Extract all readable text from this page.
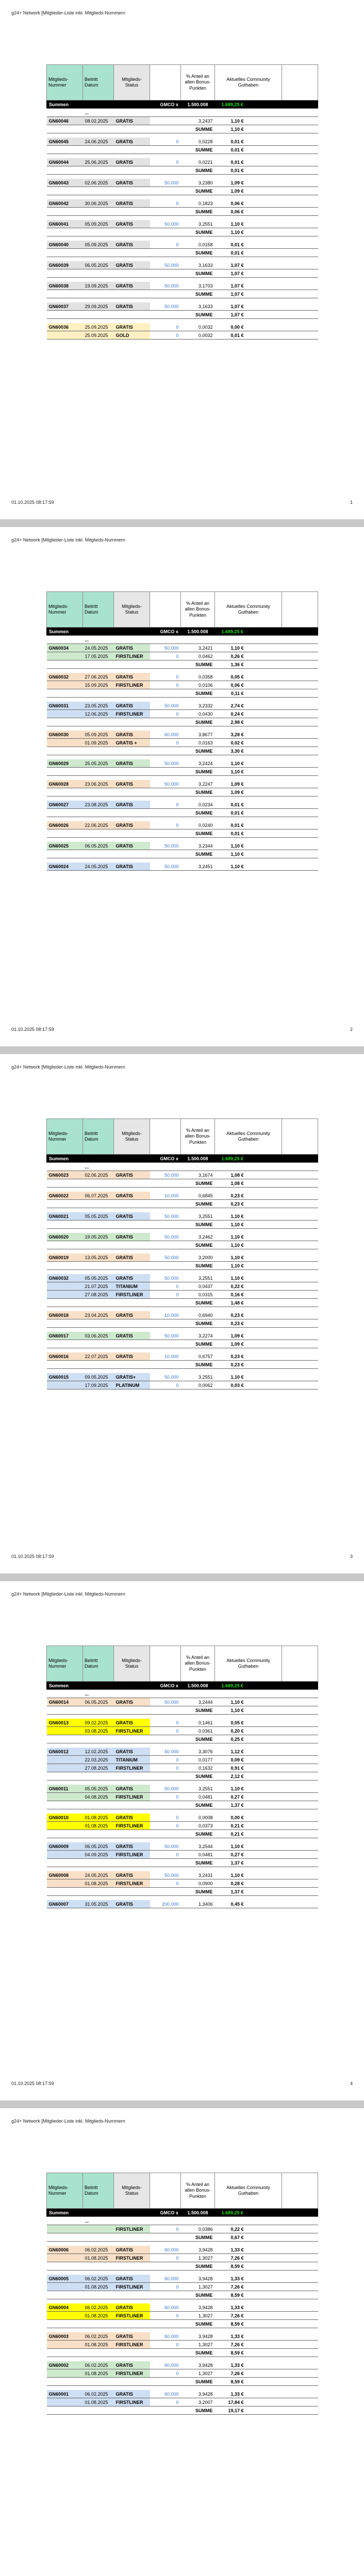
g24+ Network [Mitglieder-Liste inkl. Mitglieds-Nummern
01.10.2025 08:17:59	1
Mitglieds-Nummer	Beitritt Datum	Mitglieds-Status		% Anteil an allen Bonus-Punkten	Aktuelles Community Guthaben		
Summen			GMCO x	1.500.008	1.689,25 €		
	...						
GN60046	08.02.2025	GRATIS		3,2437	1,10 €		
				SUMME	1,10 €		

GN60045	24.06.2025	GRATIS	0	0,0228	0,01 €		
				SUMME	0,01 €		

GN60044	25.06.2025	GRATIS	0	0,0221	0,01 €		
				SUMME	0,01 €		

GN60043	02.06.2025	GRATIS	50.000	3,2380	1,09 €		
				SUMME	1,09 €		

GN60042	30.06.2025	GRATIS	0	0,1823	0,06 €		
				SUMME	0,06 €		

GN60041	05.09.2025	GRATIS	50.000	3,2551	1,10 €		
				SUMME	1,10 €		

GN60040	05.09.2025	GRATIS	0	0,0158	0,01 €		
				SUMME	0,01 €		

GN60039	06.05.2025	GRATIS	50.000	3,1633	1,07 €		
				SUMME	1,07 €		

GN60038	19.09.2025	GRATIS	50.000	3,1703	1,07 €		
				SUMME	1,07 €		

GN60037	29.09.2025	GRATIS	50.000	3,1633	1,07 €		
				SUMME	1,07 €		

GN60036	25.09.2025	GRATIS	0	0,0032	0,00 €		
	25.09.2025	GOLD	0	0,0032	0,01 €		

g24+ Network [Mitglieder-Liste inkl. Mitglieds-Nummern
01.10.2025 08:17:59	2
Mitglieds-Nummer	Beitritt Datum	Mitglieds-Status		% Anteil an allen Bonus-Punkten	Aktuelles Community Guthaben		
Summen			GMCO x	1.500.008	1.689,25 €		
	...						
GN60034	24.05.2025	GRATIS	50.000	3,2421	1,10 €		
	17.05.2025	FIRSTLINER	0	0,0462	0,26 €		
				SUMME	1,36 €		

GN60032	27.06.2025	GRATIS	0	0,0358	0,05 €		
	15.09.2025	FIRSTLINER	0	0,0106	0,06 €		
				SUMME	0,11 €		

GN60031	23.05.2025	GRATIS	50.000	3,2332	2,74 €		
	12.06.2025	FIRSTLINER	0	0,0430	0,24 €		
				SUMME	2,98 €		

GN60030	05.09.2025	GRATIS	60.000	3,8677	3,28 €		
	01.09.2025	GRATIS +	0	0,0163	0,02 €		
				SUMME	3,30 €		

GN60029	25.05.2025	GRATIS	50.000	3,2424	1,10 €		
				SUMME	1,10 €		

GN60028	23.06.2025	GRATIS	50.000	3,2247	1,09 €		
				SUMME	1,09 €		

GN60027	23.08.2025	GRATIS	0	0,0234	0,01 €		
				SUMME	0,01 €		

GN60026	22.06.2025	GRATIS	0	0,0240	0,01 €		
				SUMME	0,01 €		

GN60025	06.05.2025	GRATIS	50.000	3,2344	1,10 €		
				SUMME	1,10 €		

GN60024	24.05.2025	GRATIS	50.000	3,2451	1,10 €		

g24+ Network [Mitglieder-Liste inkl. Mitglieds-Nummern
01.10.2025 08:17:59	3
Mitglieds-Nummer	Beitritt Datum	Mitglieds-Status		% Anteil an allen Bonus-Punkten	Aktuelles Community Guthaben		
Summen			GMCO x	1.500.008	1.689,25 €		
	...						
GN60023	02.06.2025	GRATIS	50.000	3,1674	1,08 €		
				SUMME	1,08 €		

GN60022	06.07.2025	GRATIS	10.000	0,6845	0,23 €		
				SUMME	0,23 €		

GN60021	05.05.2025	GRATIS	50.000	3,2551	1,10 €		
				SUMME	1,10 €		

GN60020	19.05.2025	GRATIS	50.000	3,2462	1,10 €		
				SUMME	1,10 €		

GN60019	13.05.2025	GRATIS	50.000	3,2000	1,10 €		
				SUMME	1,10 €		

GN60032	05.05.2025	GRATIS	50.000	3,2551	1,10 €		
	21.07.2025	TITANIUM	0	0,0437	0,22 €		
	27.08.2025	FIRSTLINER	0	0,0315	0,16 €		
				SUMME	1,48 €		

GN60018	23.04.2025	GRATIS	10.000	0,6940	0,23 €		
				SUMME	0,23 €		

GN60017	03.06.2025	GRATIS	50.000	3,2274	1,09 €		
				SUMME	1,09 €		

GN60016	22.07.2025	GRATIS	10.000	0,6757	0,23 €		
				SUMME	0,23 €		

GN60015	09.05.2025	GRATIS+	50.000	3,2551	1,10 €		
	17.09.2025	PLATINUM	0	0,0062	0,03 €		

g24+ Network [Mitglieder-Liste inkl. Mitglieds-Nummern
01.10.2025 08:17:59	4
Mitglieds-Nummer	Beitritt Datum	Mitglieds-Status		% Anteil an allen Bonus-Punkten	Aktuelles Community Guthaben		
Summen			GMCO x	1.500.008	1.689,25 €		
	...						
GN60014	06.05.2025	GRATIS	50.000	3,2444	1,10 €		
				SUMME	1,10 €		

GN60013	09.02.2025	GRATIS	0	0,1461	0,05 €		
	03.08.2025	FIRSTLINER	0	0,0361	0,20 €		
				SUMME	0,25 €		

GN60012	12.02.2025	GRATIS	50.000	3,3076	1,12 €		
	22.03.2025	TITANIUM	0	0,0177	0,09 €		
	27.08.2025	FIRSTLINER	0	0,1632	0,91 €		
				SUMME	2,12 €		

GN60011	05.05.2025	GRATIS	50.000	3,2551	1,10 €		
	04.08.2025	FIRSTLINER	0	0,0481	0,27 €		
				SUMME	1,37 €		

GN60010	01.08.2025	GRATIS	0	0,0008	0,00 €		
	01.08.2025	FIRSTLINER	0	0,0373	0,21 €		
				SUMME	0,21 €		

GN60009	06.05.2025	GRATIS	50.000	3,2544	1,10 €		
	04.09.2025	FIRSTLINER	0	0,0481	0,27 €		
				SUMME	1,37 €		

GN60008	24.05.2025	GRATIS	50.000	3,2431	1,10 €		
	01.08.2025	FIRSTLINER	0	0,0900	0,28 €		
				SUMME	1,37 €		

GN60007	31.05.2025	GRATIS	200.000	1,3406	0,45 €		

g24+ Network [Mitglieder-Liste inkl. Mitglieds-Nummern
Mitglieds-Nummer	Beitritt Datum	Mitglieds-Status		% Anteil an allen Bonus-Punkten	Aktuelles Community Guthaben		
Summen			GMCO x	1.500.008	1.689,25 €		
	...						
		FIRSTLINER	0	0,0386	0,22 €		
				SUMME	0,67 €		

GN60006	06.02.2025	GRATIS	60.000	3,9428	1,33 €		
	01.08.2025	FIRSTLINER	0	1,3027	7,26 €		
				SUMME	8,59 €		

GN60005	06.02.2025	GRATIS	60.000	3,9428	1,33 €		
	01.08.2025	FIRSTLINER	0	1,3027	7,26 €		
				SUMME	8,59 €		

GN60004	06.02.2025	GRATIS	60.000	3,9428	1,33 €		
	01.08.2025	FIRSTLINER	0	1,3027	7,26 €		
				SUMME	8,59 €		

GN60003	06.02.2025	GRATIS	60.000	3,9428	1,33 €		
	01.08.2025	FIRSTLINER	0	1,3027	7,26 €		
				SUMME	8,59 €		

GN60002	06.02.2025	GRATIS	60.000	3,9428	1,33 €		
	01.08.2025	FIRSTLINER	0	1,3027	7,26 €		
				SUMME	8,59 €		

GN60001	06.02.2025	GRATIS	60.000	3,9428	1,33 €		
	01.08.2025	FIRSTLINER	0	3,2007	17,84 €		
				SUMME	19,17 €		
